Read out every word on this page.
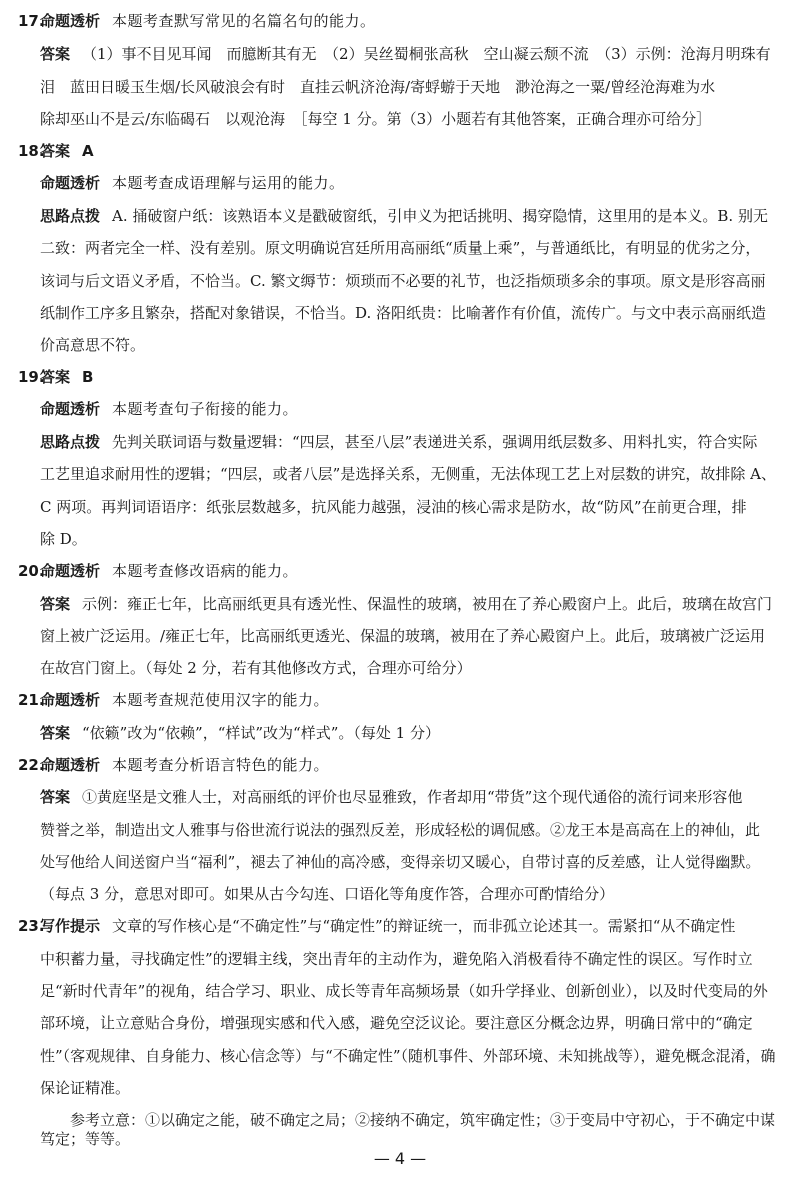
17.
命题透析 本题考查默写常见的名篇名句的能力。
答案 （1）事不目见耳闻　而臆断其有无　（2）吴丝蜀桐张高秋　空山凝云颓不流　（3）示例：沧海月明珠有
泪　蓝田日暖玉生烟/长风破浪会有时　直挂云帆济沧海/寄蜉蝣于天地　渺沧海之一粟/曾经沧海难为水
除却巫山不是云/东临碣石　以观沧海　［每空 1 分。第（3）小题若有其他答案，正确合理亦可给分］
18.
答案 A
命题透析 本题考查成语理解与运用的能力。
思路点拨 A. 捅破窗户纸：该熟语本义是戳破窗纸，引申义为把话挑明、揭穿隐情，这里用的是本义。B. 别无
二致：两者完全一样、没有差别。原文明确说宫廷所用高丽纸“质量上乘”，与普通纸比，有明显的优劣之分，
该词与后文语义矛盾，不恰当。C. 繁文缛节：烦琐而不必要的礼节，也泛指烦琐多余的事项。原文是形容高丽
纸制作工序多且繁杂，搭配对象错误，不恰当。D. 洛阳纸贵：比喻著作有价值，流传广。与文中表示高丽纸造
价高意思不符。
19.
答案 B
命题透析 本题考查句子衔接的能力。
思路点拨 先判关联词语与数量逻辑：“四层，甚至八层”表递进关系，强调用纸层数多、用料扎实，符合实际
工艺里追求耐用性的逻辑；“四层，或者八层”是选择关系，无侧重，无法体现工艺上对层数的讲究，故排除 A、
C 两项。再判词语语序：纸张层数越多，抗风能力越强，浸油的核心需求是防水，故“防风”在前更合理，排
除 D。
20.
命题透析 本题考查修改语病的能力。
答案 示例：雍正七年，比高丽纸更具有透光性、保温性的玻璃，被用在了养心殿窗户上。此后，玻璃在故宫门
窗上被广泛运用。/雍正七年，比高丽纸更透光、保温的玻璃，被用在了养心殿窗户上。此后，玻璃被广泛运用
在故宫门窗上。（每处 2 分，若有其他修改方式，合理亦可给分）
21.
命题透析 本题考查规范使用汉字的能力。
答案 “依籁”改为“依赖”，“样试”改为“样式”。（每处 1 分）
22.
命题透析 本题考查分析语言特色的能力。
答案 ①黄庭坚是文雅人士，对高丽纸的评价也尽显雅致，作者却用“带货”这个现代通俗的流行词来形容他
赞誉之举，制造出文人雅事与俗世流行说法的强烈反差，形成轻松的调侃感。②龙王本是高高在上的神仙，此
处写他给人间送窗户当“福利”，褪去了神仙的高冷感，变得亲切又暖心，自带讨喜的反差感，让人觉得幽默。
（每点 3 分，意思对即可。如果从古今勾连、口语化等角度作答，合理亦可酌情给分）
23.
写作提示 文章的写作核心是“不确定性”与“确定性”的辩证统一，而非孤立论述其一。需紧扣“从不确定性
中积蓄力量，寻找确定性”的逻辑主线，突出青年的主动作为，避免陷入消极看待不确定性的误区。写作时立
足“新时代青年”的视角，结合学习、职业、成长等青年高频场景（如升学择业、创新创业），以及时代变局的外
部环境，让立意贴合身份，增强现实感和代入感，避免空泛议论。要注意区分概念边界，明确日常中的“确定
性”（客观规律、自身能力、核心信念等）与“不确定性”（随机事件、外部环境、未知挑战等），避免概念混淆，确
保论证精准。
参考立意：①以确定之能，破不确定之局；②接纳不确定，筑牢确定性；③于变局中守初心，于不确定中谋
笃定；等等。
— 4 —
